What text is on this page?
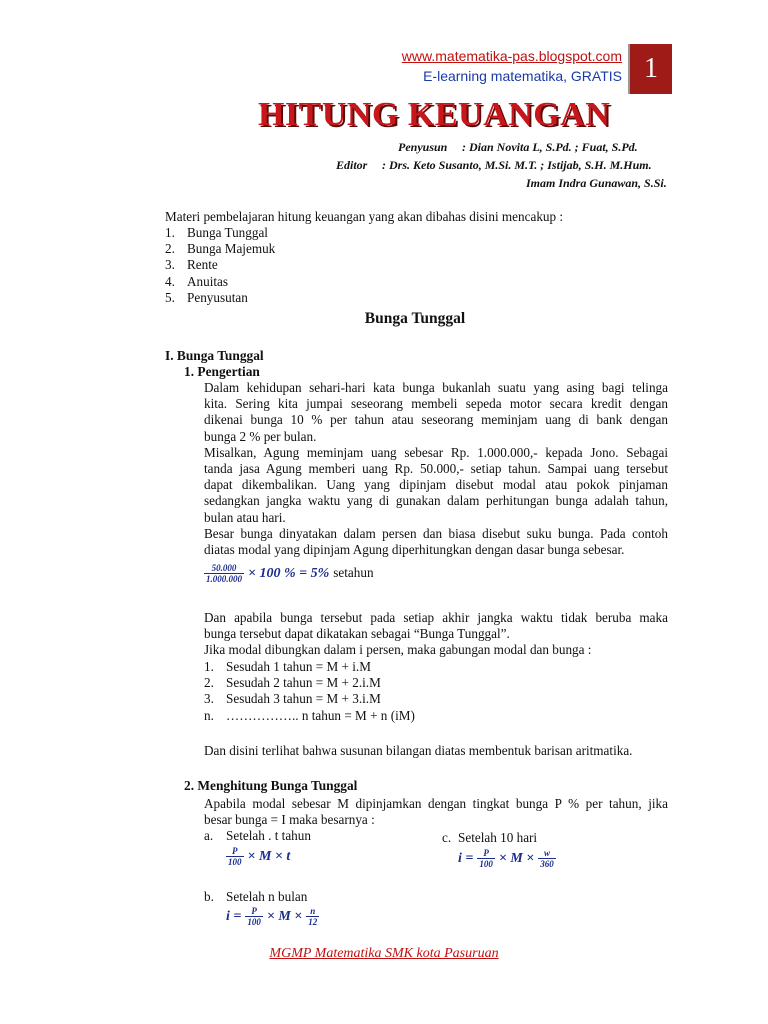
www.matematika-pas.blogspot.com
E-learning matematika, GRATIS 1
HITUNG KEUANGAN
Penyusun : Dian Novita L, S.Pd. ; Fuat, S.Pd.
Editor : Drs. Keto Susanto, M.Si. M.T. ; Istijab, S.H. M.Hum.
Imam Indra Gunawan, S.Si.
Materi pembelajaran hitung keuangan yang akan dibahas disini mencakup :
1. Bunga Tunggal
2. Bunga Majemuk
3. Rente
4. Anuitas
5. Penyusutan
Bunga Tunggal
I. Bunga Tunggal
1. Pengertian
Dalam kehidupan sehari-hari kata bunga bukanlah suatu yang asing bagi telinga
kita. Sering kita jumpai seseorang membeli sepeda motor secara kredit dengan
dikenai bunga 10 % per tahun atau seseorang meminjam uang di bank dengan
bunga 2 % per bulan.
Misalkan, Agung meminjam uang sebesar Rp. 1.000.000,- kepada Jono. Sebagai
tanda jasa Agung memberi uang Rp. 50.000,- setiap tahun. Sampai uang tersebut
dapat dikembalikan. Uang yang dipinjam disebut modal atau pokok pinjaman
sedangkan jangka waktu yang di gunakan dalam perhitungan bunga adalah tahun,
bulan atau hari.
Besar bunga dinyatakan dalam persen dan biasa disebut suku bunga. Pada contoh
diatas modal yang dipinjam Agung diperhitungkan dengan dasar bunga sebesar.
$\frac{50.000}{1.000.000} \times 100$ % = 5% setahun
Dan apabila bunga tersebut pada setiap akhir jangka waktu tidak beruba maka
bunga tersebut dapat dikatakan sebagai “Bunga Tunggal”.
Jika modal dibungkan dalam i persen, maka gabungan modal dan bunga :
1. Sesudah 1 tahun = M + i.M
2. Sesudah 2 tahun = M + 2.i.M
3. Sesudah 3 tahun = M + 3.i.M
n. …………….. n tahun = M + n (iM)
Dan disini terlihat bahwa susunan bilangan diatas membentuk barisan aritmatika.
2. Menghitung Bunga Tunggal
Apabila modal sebesar M dipinjamkan dengan tingkat bunga P % per tahun, jika
besar bunga = I maka besarnya :
a. Setelah . t tahun
$\frac{P}{100} \times M \times t$
c. Setelah 10 hari
$i = \frac{P}{100} \times M \times \frac{w}{360}$
b. Setelah n bulan
$i = \frac{P}{100} \times M \times \frac{n}{12}$
MGMP Matematika SMK kota Pasuruan
